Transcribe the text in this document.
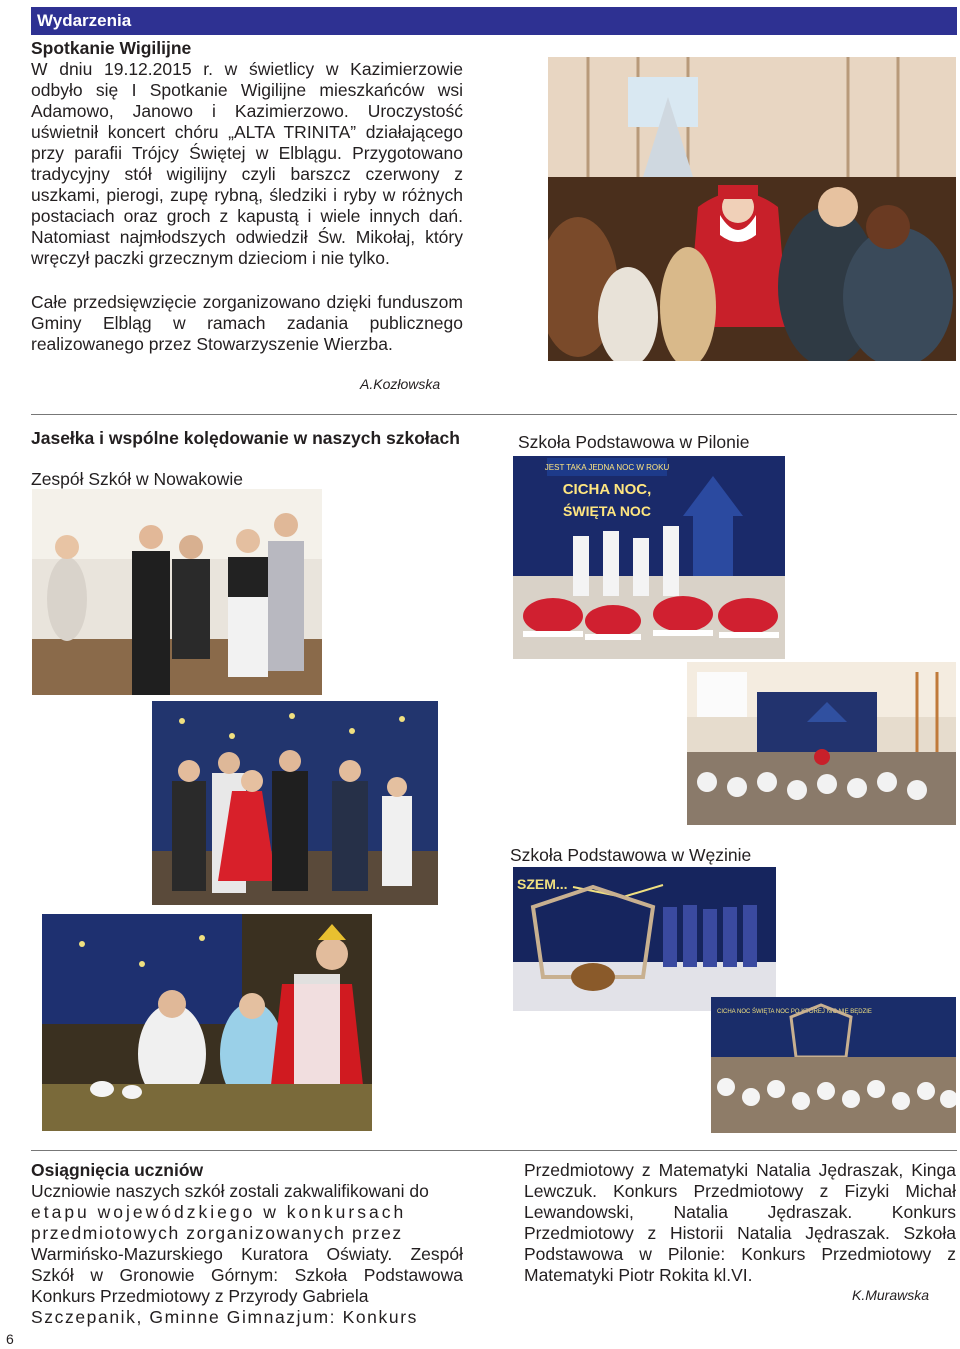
Wydarzenia
Spotkanie Wigilijne
W dniu 19.12.2015 r. w świetlicy w Kazimierzowie odbyło się I Spotkanie Wigilijne mieszkańców wsi Adamowo, Janowo i Kazimierzowo. Uroczystość uświetnił koncert chóru „ALTA TRINITA” działającego przy parafii Trójcy Świętej w Elblągu. Przygotowano tradycyjny stół wigilijny czyli barszcz czerwony z uszkami, pierogi, zupę rybną, śledziki i ryby w różnych postaciach oraz groch z kapustą i wiele innych dań. Natomiast najmłodszych odwiedził Św. Mikołaj, który wręczył paczki grzecznym dzieciom i nie tylko.
Całe przedsięwzięcie zorganizowano dzięki funduszom Gminy Elbląg w ramach zadania publicznego realizowanego przez Stowarzyszenie Wierzba.
A.Kozłowska
Jasełka i wspólne kolędowanie w naszych szkołach
Zespół Szkół w Nowakowie
Szkoła Podstawowa w Pilonie
JEST TAKA JEDNA NOC W ROKU
CICHA NOC,
ŚWIĘTA NOC
Szkoła Podstawowa w Węzinie
SZEM...
CICHA NOC ŚWIĘTA NOC PO KTÓREJ NIC NIE BĘDZIE
Osiągnięcia uczniów
Uczniowie naszych szkół zostali zakwalifikowani do
etapu wojewódzkiego w konkursach
przedmiotowych zorganizowanych przez
Warmińsko-Mazurskiego Kuratora Oświaty. Zespół Szkół w Gronowie Górnym: Szkoła Podstawowa Konkurs Przedmiotowy z Przyrody Gabriela
Szczepanik, Gminne Gimnazjum: Konkurs
Przedmiotowy z Matematyki Natalia Jędraszak, Kinga Lewczuk. Konkurs Przedmiotowy z Fizyki Michał Lewandowski, Natalia Jędraszak. Konkurs Przedmiotowy z Historii Natalia Jędraszak. Szkoła Podstawowa w Pilonie: Konkurs Przedmiotowy z Matematyki Piotr Rokita kl.VI.
K.Murawska
6
